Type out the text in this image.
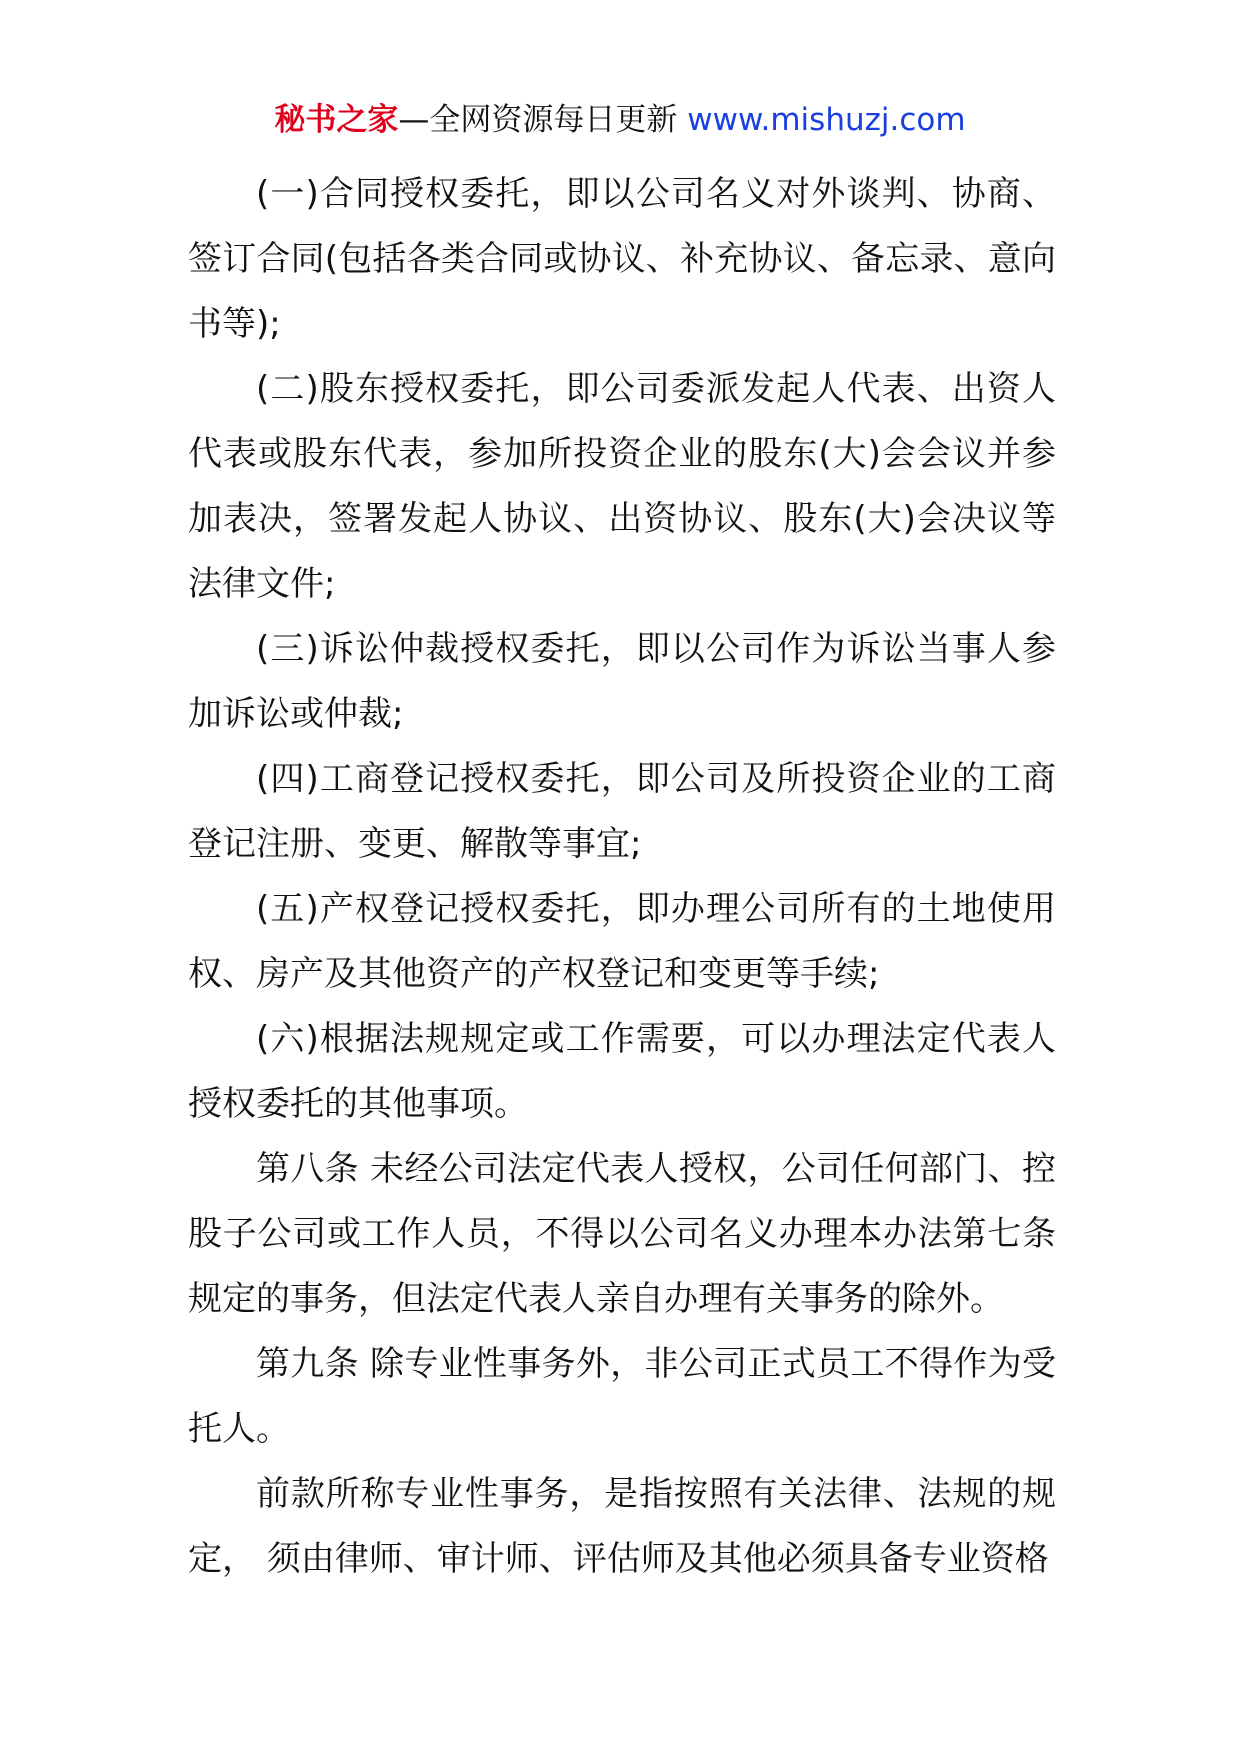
秘书之家—全网资源每日更新 www.mishuzj.com

(一)合同授权委托，即以公司名义对外谈判、协商、签订合同(包括各类合同或协议、补充协议、备忘录、意向书等);

(二)股东授权委托，即公司委派发起人代表、出资人代表或股东代表，参加所投资企业的股东(大)会会议并参加表决，签署发起人协议、出资协议、股东(大)会决议等法律文件;

(三)诉讼仲裁授权委托，即以公司作为诉讼当事人参加诉讼或仲裁;

(四)工商登记授权委托，即公司及所投资企业的工商登记注册、变更、解散等事宜;

(五)产权登记授权委托，即办理公司所有的土地使用权、房产及其他资产的产权登记和变更等手续;

(六)根据法规规定或工作需要，可以办理法定代表人授权委托的其他事项。

第八条 未经公司法定代表人授权，公司任何部门、控股子公司或工作人员，不得以公司名义办理本办法第七条规定的事务，但法定代表人亲自办理有关事务的除外。

第九条 除专业性事务外，非公司正式员工不得作为受托人。

前款所称专业性事务，是指按照有关法律、法规的规定， 须由律师、审计师、评估师及其他必须具备专业资格
